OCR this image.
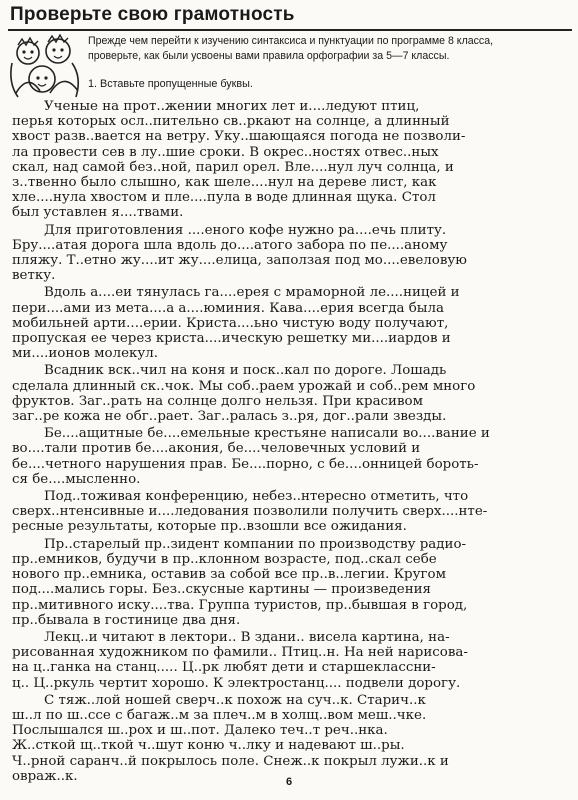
Проверьте свою грамотность
Прежде чем перейти к изучению синтаксиса и пунктуации по программе 8 класса,
проверьте, как были усвоены вами правила орфографии за 5—7 классы.
1. Вставьте пропущенные буквы.
Ученые на прот..жении многих лет и....ледуют птиц,
перья которых осл..пительно св..ркают на солнце, а длинный
хвост разв..вается на ветру. Уку..шающаяся погода не позволи-
ла провести сев в лу..шие сроки. В окрес..ностях отвес..ных
скал, над самой без..ной, парил орел. Вле....нул луч солнца, и
з..твенно было слышно, как шеле....нул на дереве лист, как
хле....нула хвостом и пле....пула в воде длинная щука. Стол
был уставлен я....твами.
Для приготовления ....еного кофе нужно ра....ечь плиту.
Бру....атая дорога шла вдоль до....атого забора по пе....аному
пляжу. Т..етно жу....ит жу....елица, заползая под мо....евеловую
ветку.
Вдоль а....еи тянулась га....ерея с мраморной ле....ницей и
пери....ами из мета....а а....юминия. Кава....ерия всегда была
мобильней арти....ерии. Криста....ьно чистую воду получают,
пропуская ее через криста....ическую решетку ми....иардов и
ми....ионов молекул.
Всадник вск..чил на коня и поск..кал по дороге. Лошадь
сделала длинный ск..чок. Мы соб..раем урожай и соб..рем много
фруктов. Заг..рать на солнце долго нельзя. При красивом
заг..ре кожа не обг..рает. Заг..ралась з..ря, дог..рали звезды.
Бе....ащитные бе....емельные крестьяне написали во....вание и
во....тали против бе....акония, бе....человечных условий и
бе....четного нарушения прав. Бе....порно, с бе....онницей бороть-
ся бе....мысленно.
Под..тоживая конференцию, небез..нтересно отметить, что
сверх..нтенсивные и....ледования позволили получить сверх....нте-
ресные результаты, которые пр..взошли все ожидания.
Пр..старелый пр..зидент компании по производству радио-
пр..емников, будучи в пр..клонном возрасте, под..скал себе
нового пр..емника, оставив за собой все пр..в..легии. Кругом
под....мались горы. Без..скусные картины — произведения
пр..митивного иску....тва. Группа туристов, пр..бывшая в город,
пр..бывала в гостинице два дня.
Лекц..и читают в лектори.. В здани.. висела картина, на-
рисованная художником по фамили.. Птиц..н. На ней нарисова-
на ц..ганка на станц..... Ц..рк любят дети и старшеклассни-
ц.. Ц..ркуль чертит хорошо. К электростанц.... подвели дорогу.
С тяж..лой ношей сверч..к похож на суч..к. Старич..к
ш..л по ш..ссе с багаж..м за плеч..м в холщ..вом меш..чке.
Послышался ш..рох и ш..пот. Далеко теч..т реч..нка.
Ж..сткой щ..ткой ч..шут коню ч..лку и надевают ш..ры.
Ч..рной саранч..й покрылось поле. Снеж..к покрыл лужи..к и
овраж..к.	6
